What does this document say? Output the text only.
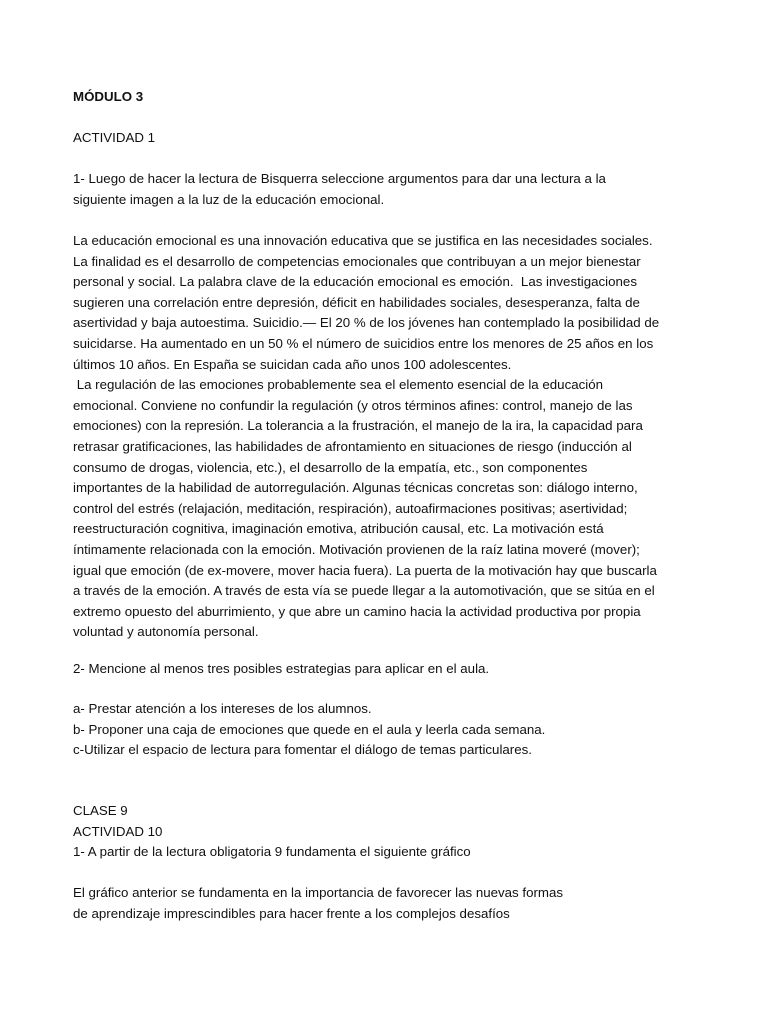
MÓDULO 3

ACTIVIDAD 1

1- Luego de hacer la lectura de Bisquerra seleccione argumentos para dar una lectura a la

siguiente imagen a la luz de la educación emocional.

La educación emocional es una innovación educativa que se justifica en las necesidades sociales.

La finalidad es el desarrollo de competencias emocionales que contribuyan a un mejor bienestar

personal y social. La palabra clave de la educación emocional es emoción.  Las investigaciones

sugieren una correlación entre depresión, déficit en habilidades sociales, desesperanza, falta de

asertividad y baja autoestima. Suicidio.— El 20 % de los jóvenes han contemplado la posibilidad de

suicidarse. Ha aumentado en un 50 % el número de suicidios entre los menores de 25 años en los

últimos 10 años. En España se suicidan cada año unos 100 adolescentes.

La regulación de las emociones probablemente sea el elemento esencial de la educación

emocional. Conviene no confundir la regulación (y otros términos afines: control, manejo de las

emociones) con la represión. La tolerancia a la frustración, el manejo de la ira, la capacidad para

retrasar gratificaciones, las habilidades de afrontamiento en situaciones de riesgo (inducción al

consumo de drogas, violencia, etc.), el desarrollo de la empatía, etc., son componentes

importantes de la habilidad de autorregulación. Algunas técnicas concretas son: diálogo interno,

control del estrés (relajación, meditación, respiración), autoafirmaciones positivas; asertividad;

reestructuración cognitiva, imaginación emotiva, atribución causal, etc. La motivación está

íntimamente relacionada con la emoción. Motivación provienen de la raíz latina moveré (mover);

igual que emoción (de ex-movere, mover hacia fuera). La puerta de la motivación hay que buscarla

a través de la emoción. A través de esta vía se puede llegar a la automotivación, que se sitúa en el

extremo opuesto del aburrimiento, y que abre un camino hacia la actividad productiva por propia

voluntad y autonomía personal.

2- Mencione al menos tres posibles estrategias para aplicar en el aula.

a- Prestar atención a los intereses de los alumnos.

b- Proponer una caja de emociones que quede en el aula y leerla cada semana.

c-Utilizar el espacio de lectura para fomentar el diálogo de temas particulares.

CLASE 9

ACTIVIDAD 10

1- A partir de la lectura obligatoria 9 fundamenta el siguiente gráfico

El gráfico anterior se fundamenta en la importancia de favorecer las nuevas formas

de aprendizaje imprescindibles para hacer frente a los complejos desafíos
